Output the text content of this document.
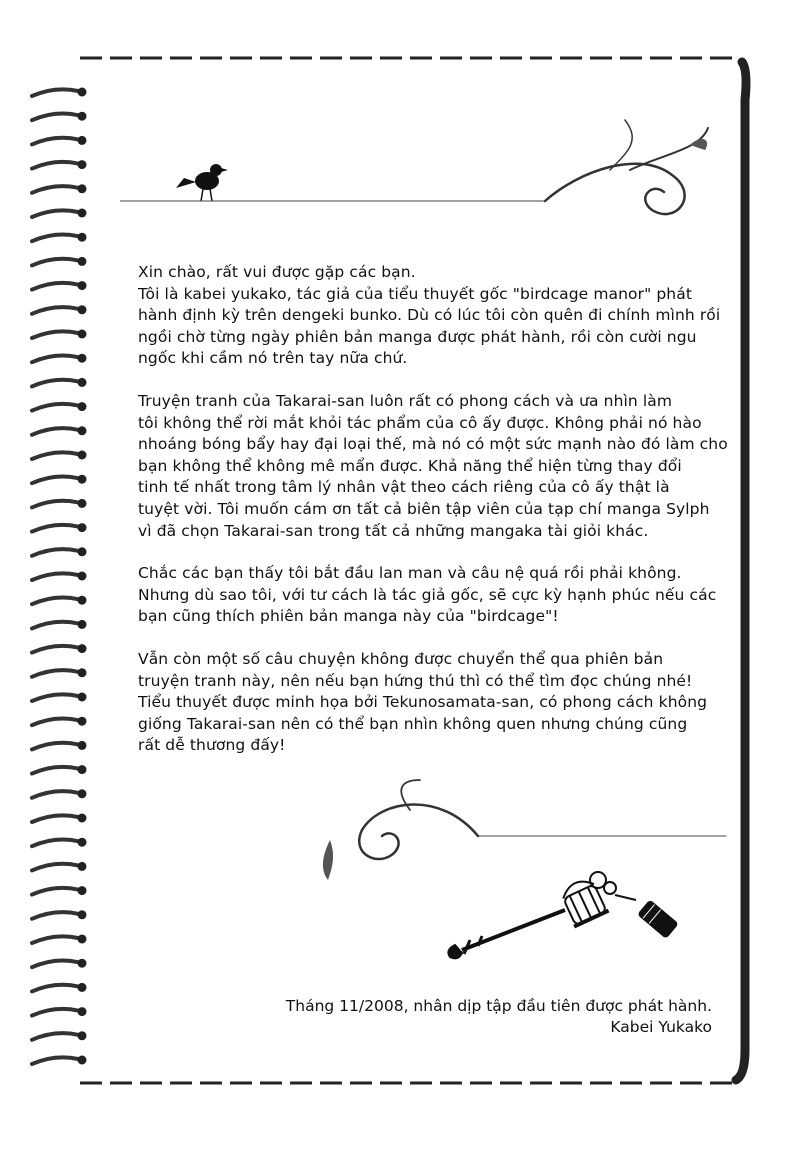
Xin chào, rất vui được gặp các bạn.
Tôi là kabei yukako, tác giả của tiểu thuyết gốc "birdcage manor" phát
hành định kỳ trên dengeki bunko. Dù có lúc tôi còn quên đi chính mình rồi
ngồi chờ từng ngày phiên bản manga được phát hành, rồi còn cười ngu
ngốc khi cầm nó trên tay nữa chứ.
Truyện tranh của Takarai-san luôn rất có phong cách và ưa nhìn làm
tôi không thể rời mắt khỏi tác phẩm của cô ấy được. Không phải nó hào
nhoáng bóng bẩy hay đại loại thế, mà nó có một sức mạnh nào đó làm cho
bạn không thể không mê mẩn được. Khả năng thể hiện từng thay đổi
tinh tế nhất trong tâm lý nhân vật theo cách riêng của cô ấy thật là
tuyệt vời. Tôi muốn cám ơn tất cả biên tập viên của tạp chí manga Sylph
vì đã chọn Takarai-san trong tất cả những mangaka tài giỏi khác.
Chắc các bạn thấy tôi bắt đầu lan man và câu nệ quá rồi phải không.
Nhưng dù sao tôi, với tư cách là tác giả gốc, sẽ cực kỳ hạnh phúc nếu các
bạn cũng thích phiên bản manga này của "birdcage"!
Vẫn còn một số câu chuyện không được chuyển thể qua phiên bản
truyện tranh này, nên nếu bạn hứng thú thì có thể tìm đọc chúng nhé!
Tiểu thuyết được minh họa bởi Tekunosamata-san, có phong cách không
giống Takarai-san nên có thể bạn nhìn không quen nhưng chúng cũng
rất dễ thương đấy!
Tháng 11/2008, nhân dịp tập đầu tiên được phát hành.
Kabei Yukako
